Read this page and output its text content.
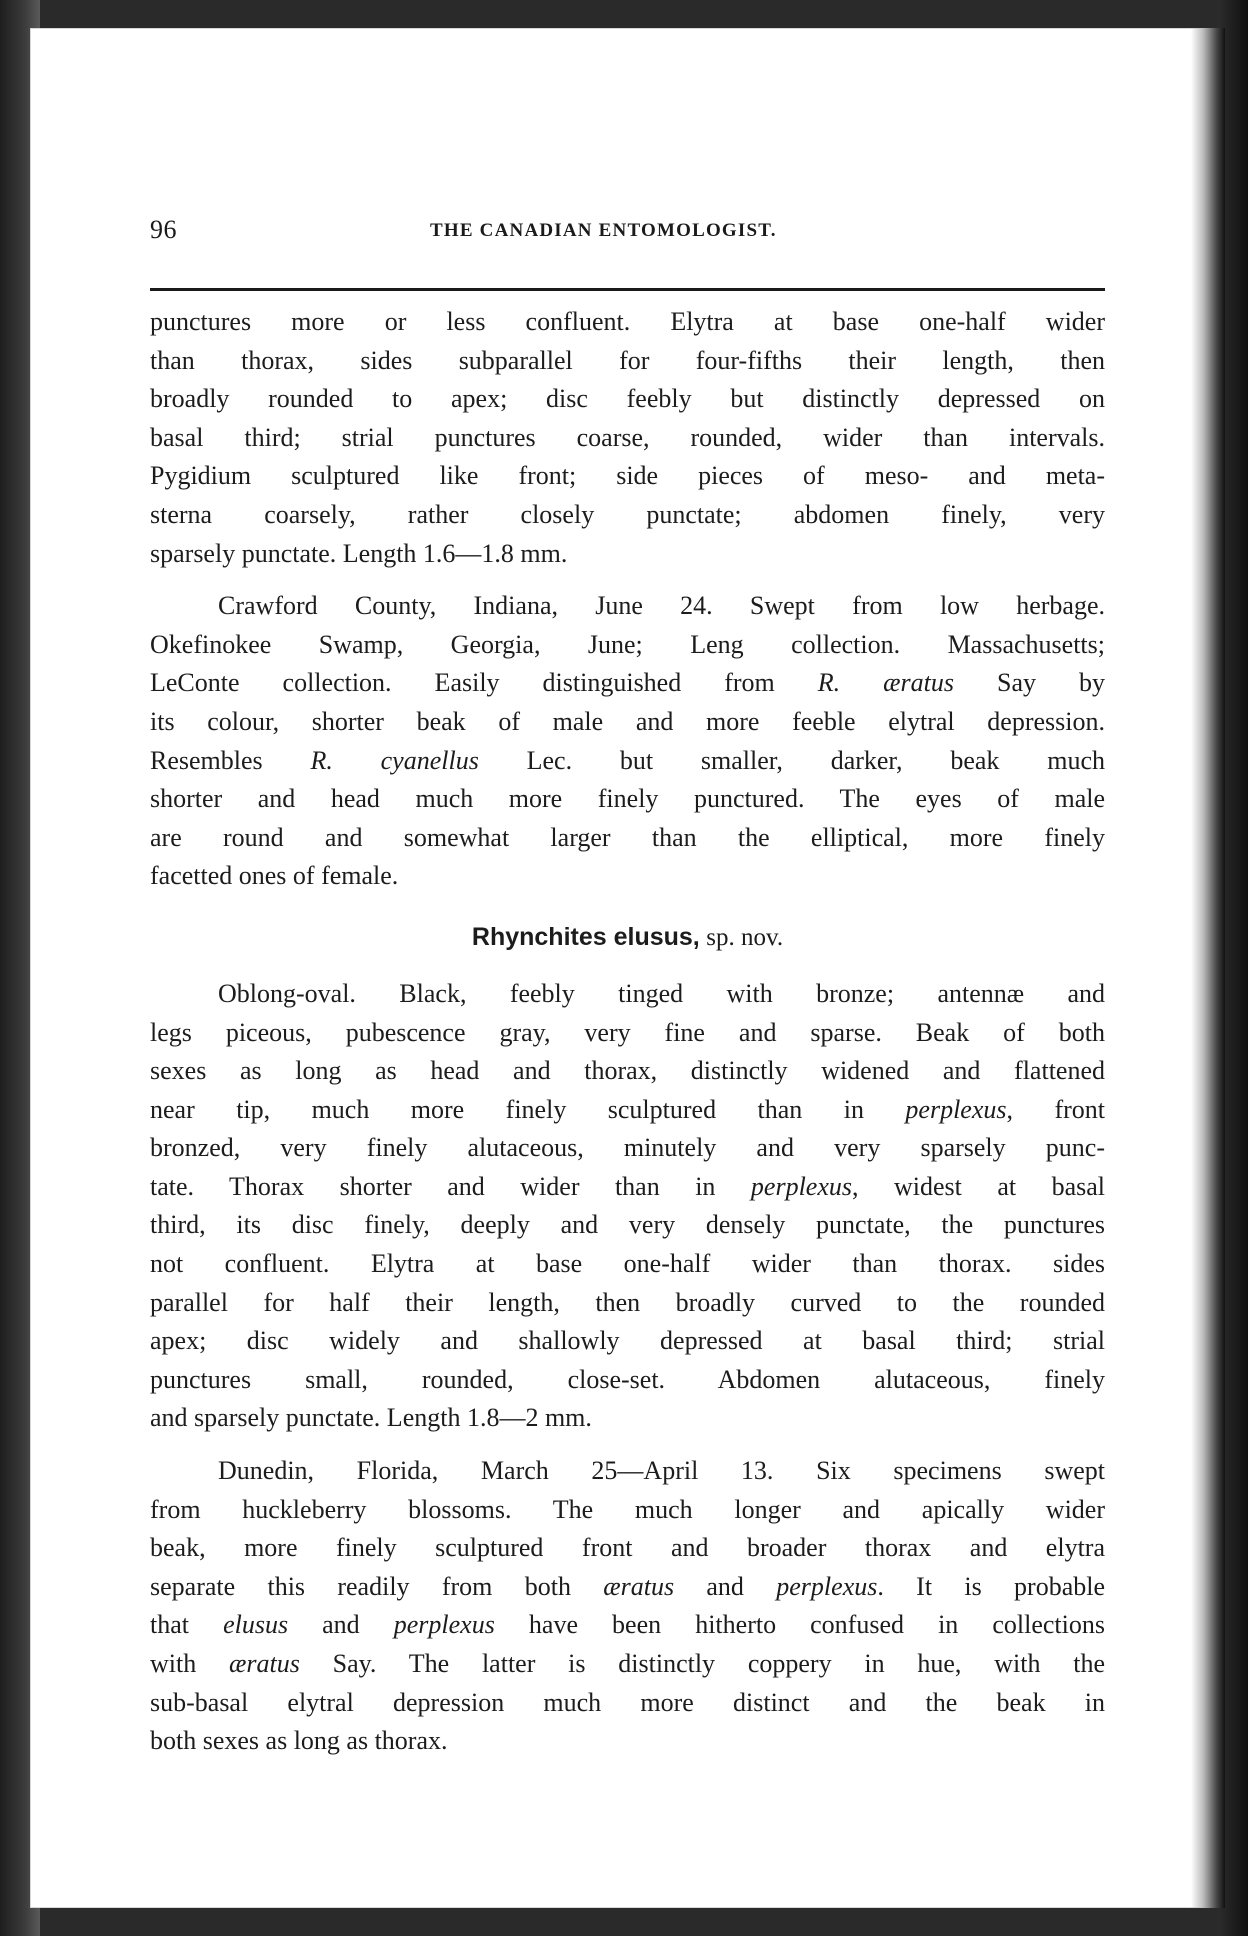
96	THE CANADIAN ENTOMOLOGIST.

punctures more or less confluent. Elytra at base one-half wider
than thorax, sides subparallel for four-fifths their length, then
broadly rounded to apex; disc feebly but distinctly depressed on
basal third; strial punctures coarse, rounded, wider than intervals.
Pygidium sculptured like front; side pieces of meso- and meta-
sterna coarsely, rather closely punctate; abdomen finely, very
sparsely punctate. Length 1.6—1.8 mm.

Crawford County, Indiana, June 24. Swept from low herbage.
Okefinokee Swamp, Georgia, June; Leng collection. Massachusetts;
LeConte collection. Easily distinguished from R. æratus Say by
its colour, shorter beak of male and more feeble elytral depression.
Resembles R. cyanellus Lec. but smaller, darker, beak much
shorter and head much more finely punctured. The eyes of male
are round and somewhat larger than the elliptical, more finely
facetted ones of female.

Rhynchites elusus, sp. nov.

Oblong-oval. Black, feebly tinged with bronze; antennæ and
legs piceous, pubescence gray, very fine and sparse. Beak of both
sexes as long as head and thorax, distinctly widened and flattened
near tip, much more finely sculptured than in perplexus, front
bronzed, very finely alutaceous, minutely and very sparsely punc-
tate. Thorax shorter and wider than in perplexus, widest at basal
third, its disc finely, deeply and very densely punctate, the punctures
not confluent. Elytra at base one-half wider than thorax. sides
parallel for half their length, then broadly curved to the rounded
apex; disc widely and shallowly depressed at basal third; strial
punctures small, rounded, close-set. Abdomen alutaceous, finely
and sparsely punctate. Length 1.8—2 mm.

Dunedin, Florida, March 25—April 13. Six specimens swept
from huckleberry blossoms. The much longer and apically wider
beak, more finely sculptured front and broader thorax and elytra
separate this readily from both æratus and perplexus. It is probable
that elusus and perplexus have been hitherto confused in collections
with æratus Say. The latter is distinctly coppery in hue, with the
sub-basal elytral depression much more distinct and the beak in
both sexes as long as thorax.
